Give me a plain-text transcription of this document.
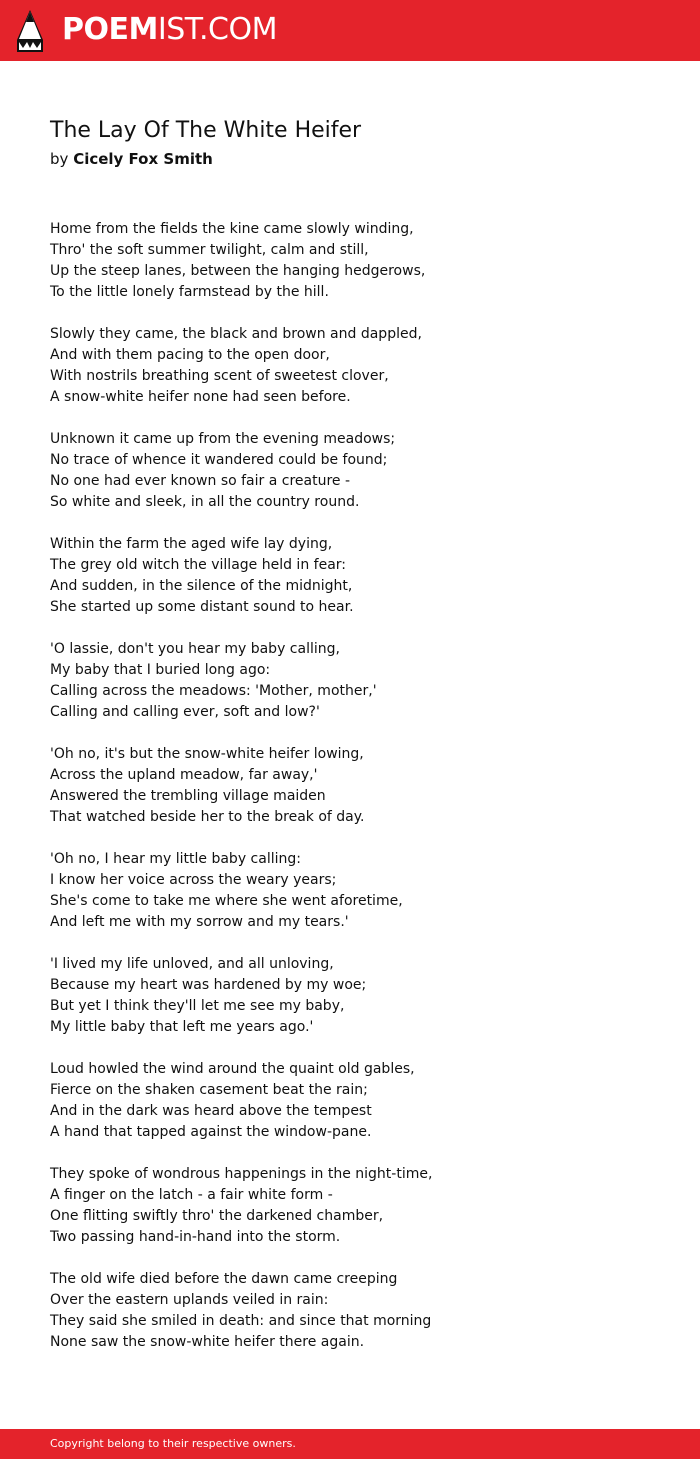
POEMIST.COM
The Lay Of The White Heifer
by Cicely Fox Smith

Home from the fields the kine came slowly winding,
Thro' the soft summer twilight, calm and still,
Up the steep lanes, between the hanging hedgerows,
To the little lonely farmstead by the hill.

Slowly they came, the black and brown and dappled,
And with them pacing to the open door,
With nostrils breathing scent of sweetest clover,
A snow-white heifer none had seen before.

Unknown it came up from the evening meadows;
No trace of whence it wandered could be found;
No one had ever known so fair a creature -
So white and sleek, in all the country round.

Within the farm the aged wife lay dying,
The grey old witch the village held in fear:
And sudden, in the silence of the midnight,
She started up some distant sound to hear.

'O lassie, don't you hear my baby calling,
My baby that I buried long ago:
Calling across the meadows: 'Mother, mother,'
Calling and calling ever, soft and low?'

'Oh no, it's but the snow-white heifer lowing,
Across the upland meadow, far away,'
Answered the trembling village maiden
That watched beside her to the break of day.

'Oh no, I hear my little baby calling:
I know her voice across the weary years;
She's come to take me where she went aforetime,
And left me with my sorrow and my tears.'

'I lived my life unloved, and all unloving,
Because my heart was hardened by my woe;
But yet I think they'll let me see my baby,
My little baby that left me years ago.'

Loud howled the wind around the quaint old gables,
Fierce on the shaken casement beat the rain;
And in the dark was heard above the tempest
A hand that tapped against the window-pane.

They spoke of wondrous happenings in the night-time,
A finger on the latch - a fair white form -
One flitting swiftly thro' the darkened chamber,
Two passing hand-in-hand into the storm.

The old wife died before the dawn came creeping
Over the eastern uplands veiled in rain:
They said she smiled in death: and since that morning
None saw the snow-white heifer there again.

Copyright belong to their respective owners.
